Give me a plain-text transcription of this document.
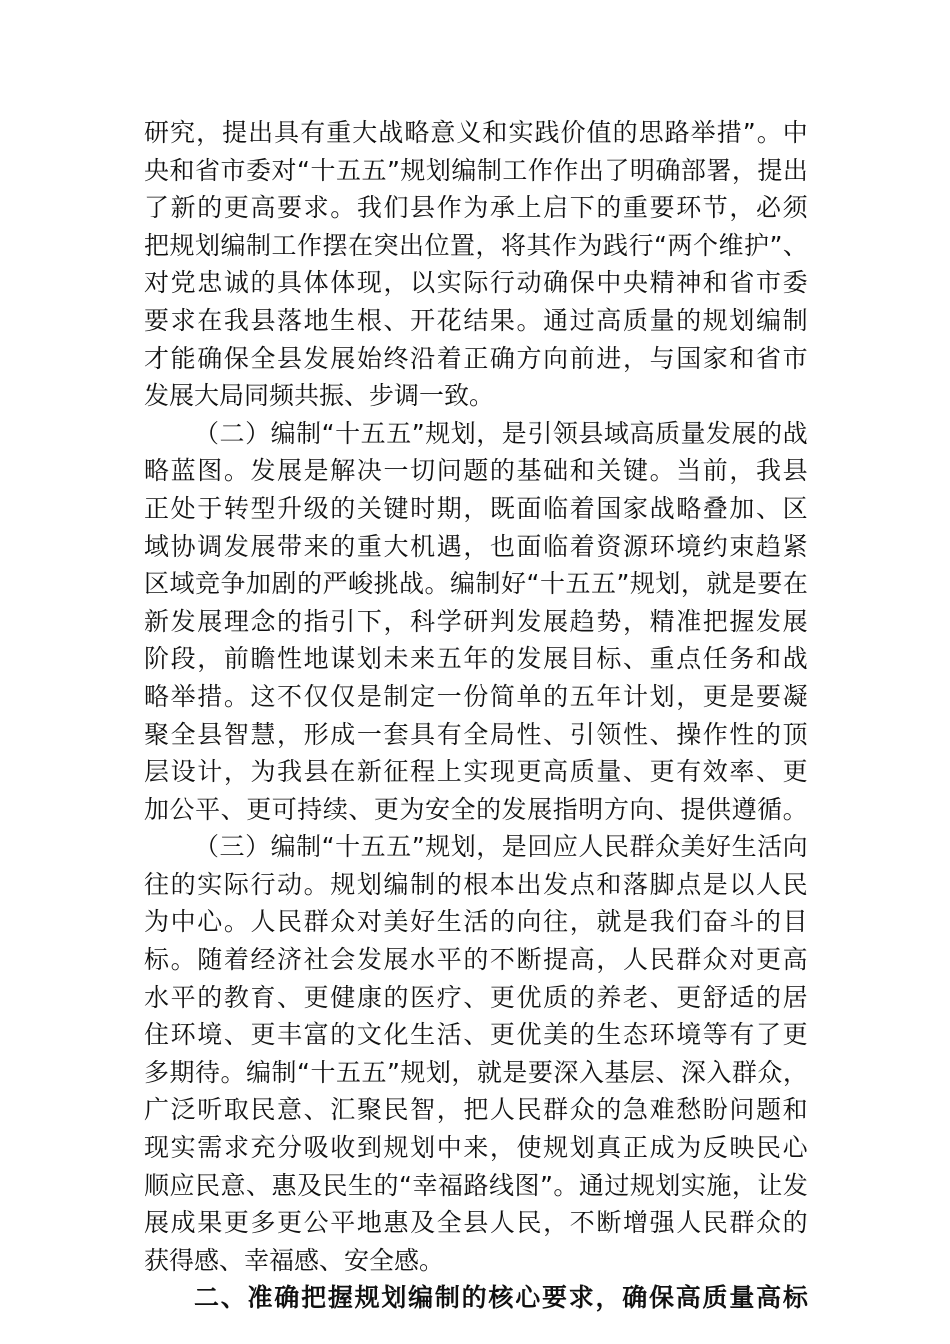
研 究 ， 提 出 具 有 重 大 战 略 意 义 和 实 践 价 值 的 思 路 举 措 ” 。 中
央 和 省 市 委 对 “ 十 五 五 ” 规 划 编 制 工 作 作 出 了 明 确 部 署 ， 提 出
了 新 的 更 高 要 求 。 我 们 县 作 为 承 上 启 下 的 重 要 环 节 ， 必 须
把 规 划 编 制 工 作 摆 在 突 出 位 置 ， 将 其 作 为 践 行 “ 两 个 维 护 ” 、
对 党 忠 诚 的 具 体 体 现 ， 以 实 际 行 动 确 保 中 央 精 神 和 省 市 委
要 求 在 我 县 落 地 生 根 、 开 花 结 果 。 通 过 高 质 量 的 规 划 编 制
才 能 确 保 全 县 发 展 始 终 沿 着 正 确 方 向 前 进 ， 与 国 家 和 省 市
发展大局同频共振、步调一致。
（ 二 ） 编 制 “ 十 五 五 ” 规 划 ， 是 引 领 县 域 高 质 量 发 展 的 战
略 蓝 图 。 发 展 是 解 决 一 切 问 题 的 基 础 和 关 键 。 当 前 ， 我 县
正 处 于 转 型 升 级 的 关 键 时 期 ， 既 面 临 着 国 家 战 略 叠 加 、 区
域 协 调 发 展 带 来 的 重 大 机 遇 ， 也 面 临 着 资 源 环 境 约 束 趋 紧
区 域 竞 争 加 剧 的 严 峻 挑 战 。 编 制 好 “ 十 五 五 ” 规 划 ， 就 是 要 在
新 发 展 理 念 的 指 引 下 ， 科 学 研 判 发 展 趋 势 ， 精 准 把 握 发 展
阶 段 ， 前 瞻 性 地 谋 划 未 来 五 年 的 发 展 目 标 、 重 点 任 务 和 战
略 举 措 。 这 不 仅 仅 是 制 定 一 份 简 单 的 五 年 计 划 ， 更 是 要 凝
聚 全 县 智 慧 ， 形 成 一 套 具 有 全 局 性 、 引 领 性 、 操 作 性 的 顶
层 设 计 ， 为 我 县 在 新 征 程 上 实 现 更 高 质 量 、 更 有 效 率 、 更
加 公 平 、 更 可 持 续 、 更 为 安 全 的 发 展 指 明 方 向 、 提 供 遵 循 。
（ 三 ） 编 制 “ 十 五 五 ” 规 划 ， 是 回 应 人 民 群 众 美 好 生 活 向
往 的 实 际 行 动 。 规 划 编 制 的 根 本 出 发 点 和 落 脚 点 是 以 人 民
为 中 心 。 人 民 群 众 对 美 好 生 活 的 向 往 ， 就 是 我 们 奋 斗 的 目
标 。 随 着 经 济 社 会 发 展 水 平 的 不 断 提 高 ， 人 民 群 众 对 更 高
水 平 的 教 育 、 更 健 康 的 医 疗 、 更 优 质 的 养 老 、 更 舒 适 的 居
住 环 境 、 更 丰 富 的 文 化 生 活 、 更 优 美 的 生 态 环 境 等 有 了 更
多 期 待 。 编 制 “ 十 五 五 ” 规 划 ， 就 是 要 深 入 基 层 、 深 入 群 众 ，
广 泛 听 取 民 意 、 汇 聚 民 智 ， 把 人 民 群 众 的 急 难 愁 盼 问 题 和
现 实 需 求 充 分 吸 收 到 规 划 中 来 ， 使 规 划 真 正 成 为 反 映 民 心
顺 应 民 意 、 惠 及 民 生 的 “ 幸 福 路 线 图 ” 。 通 过 规 划 实 施 ， 让 发
展 成 果 更 多 更 公 平 地 惠 及 全 县 人 民 ， 不 断 增 强 人 民 群 众 的
获得感、幸福感、安全感。
二 、 准 确 把 握 规 划 编 制 的 核 心 要 求 ， 确 保 高 质 量 高 标
